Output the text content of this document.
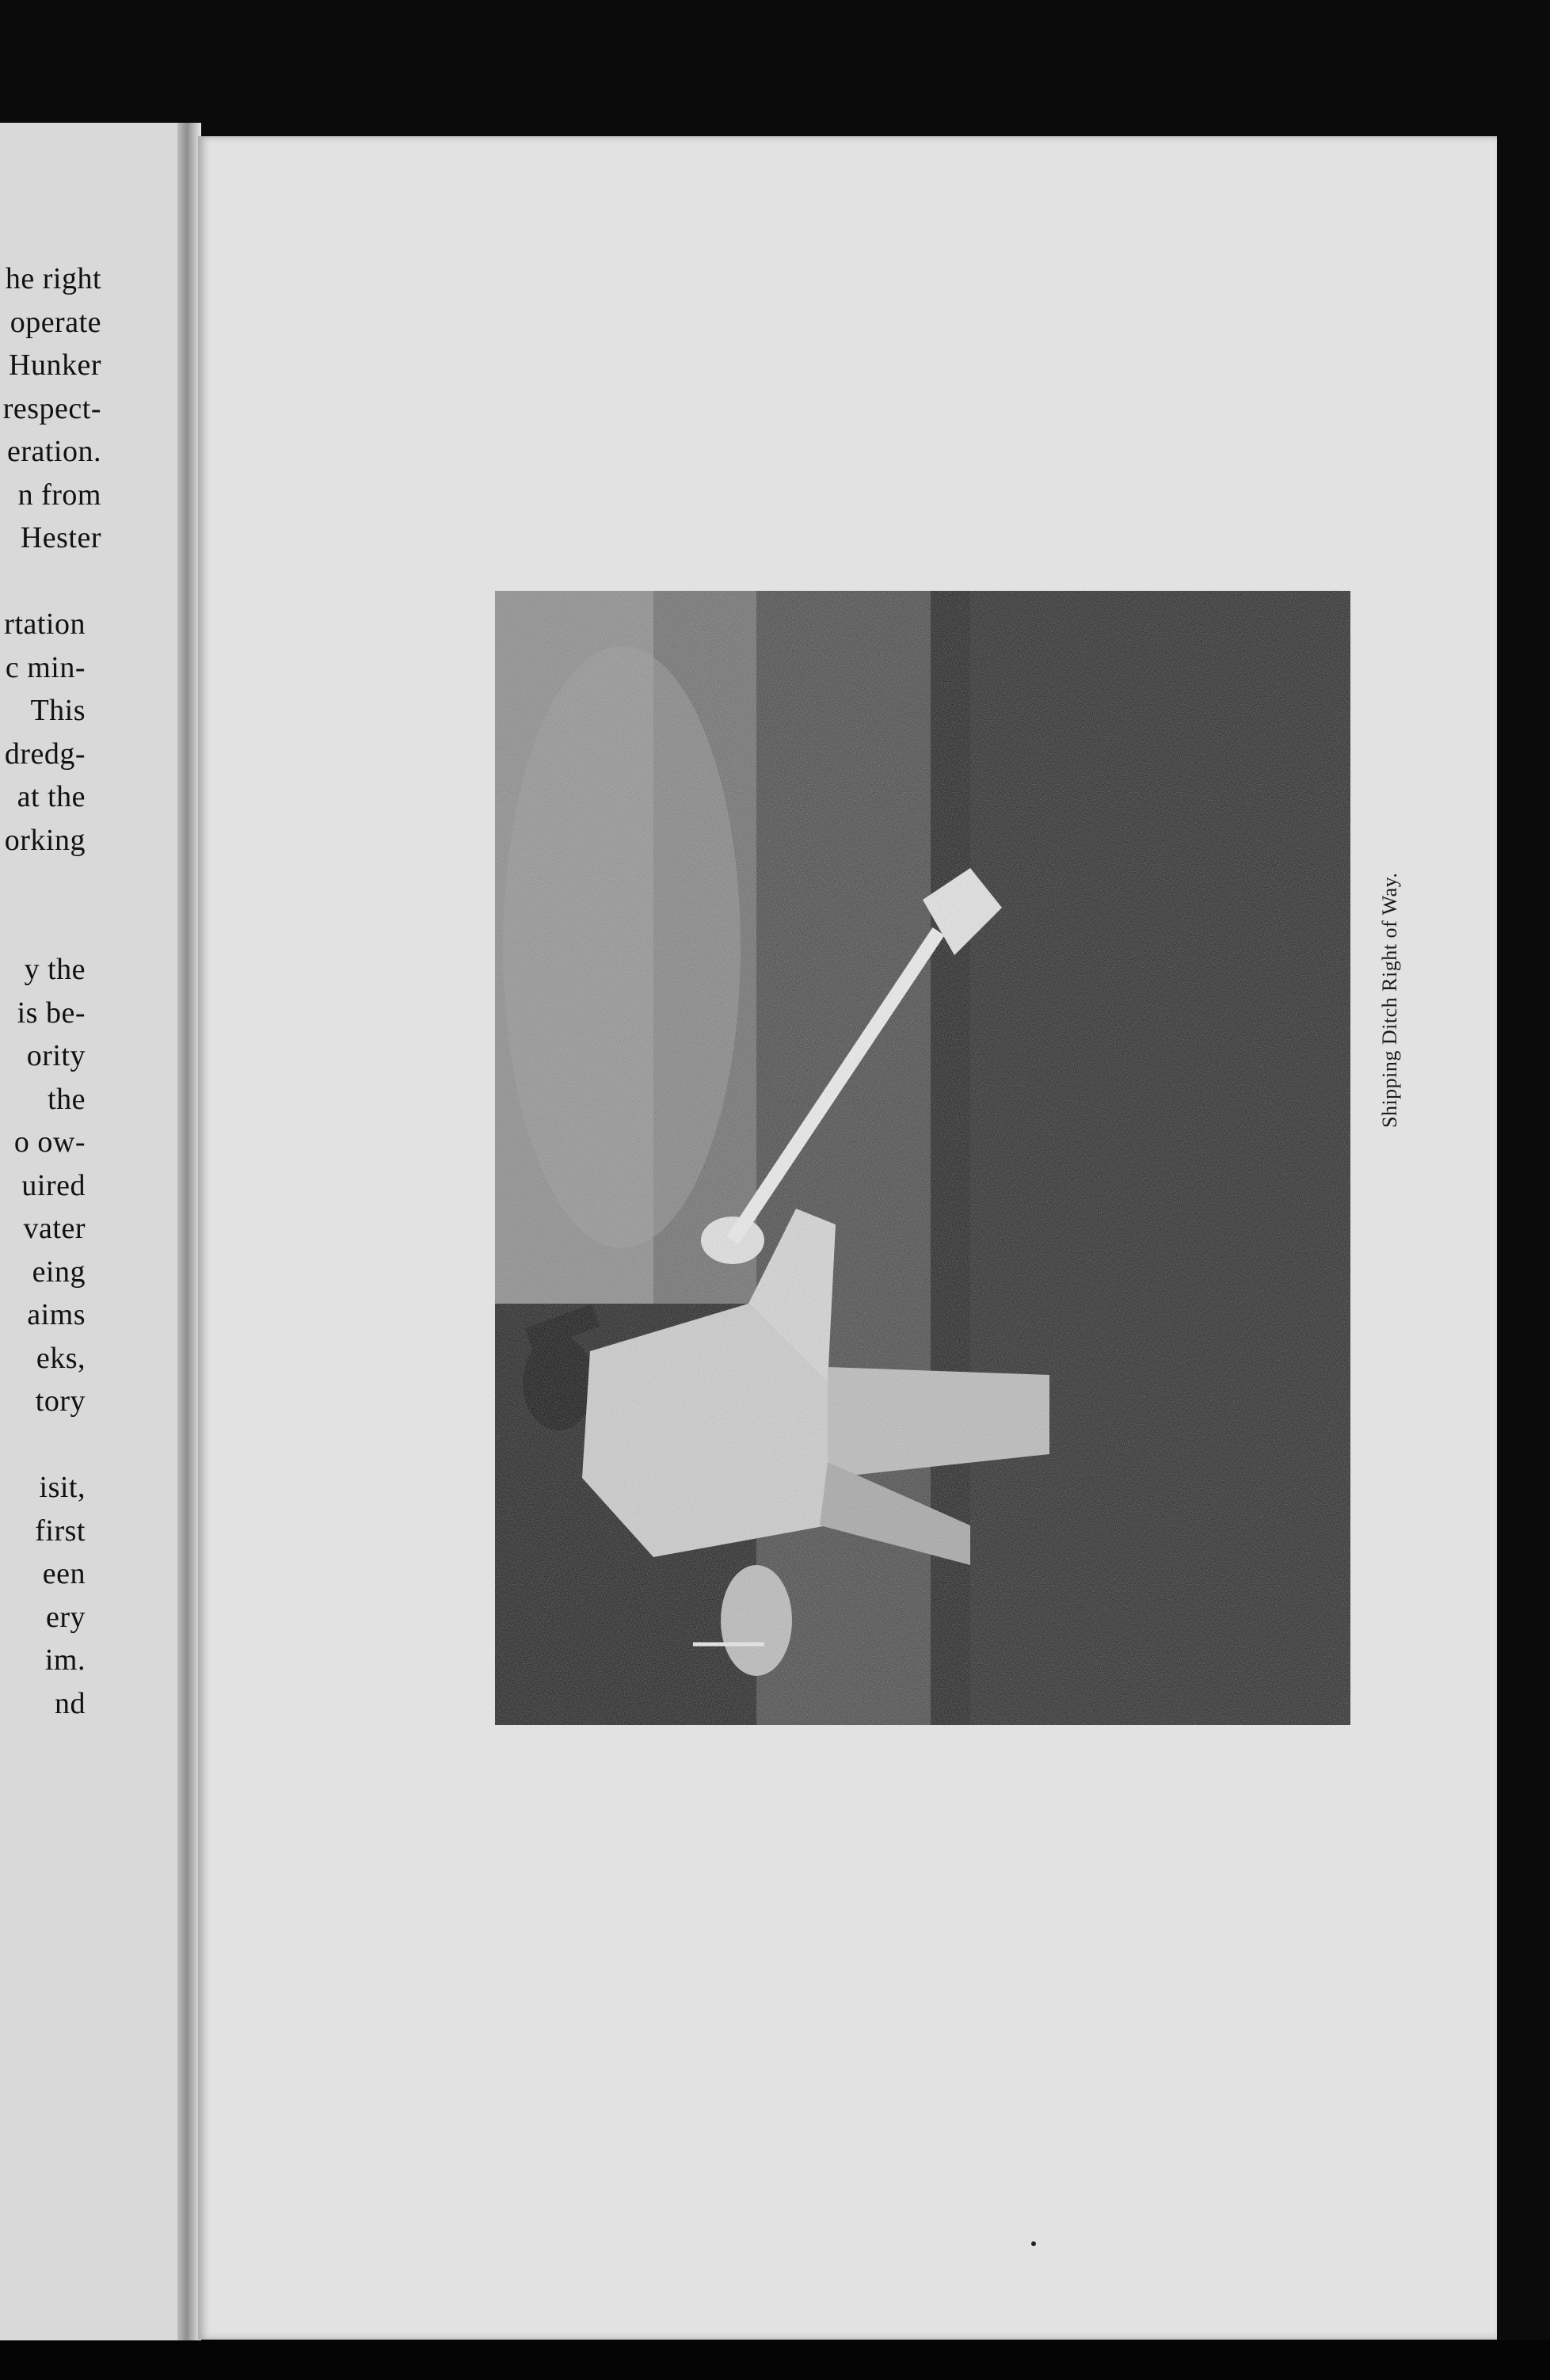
he right
operate
Hunker
respect-
eration.
n from
Hester
rtation
c min-
This
dredg-
at the
orking
y the
is be-
ority
the
o ow-
uired
vater
eing
aims
eks,
tory
isit,
first
een
ery
im.
nd
Shipping Ditch Right of Way.
